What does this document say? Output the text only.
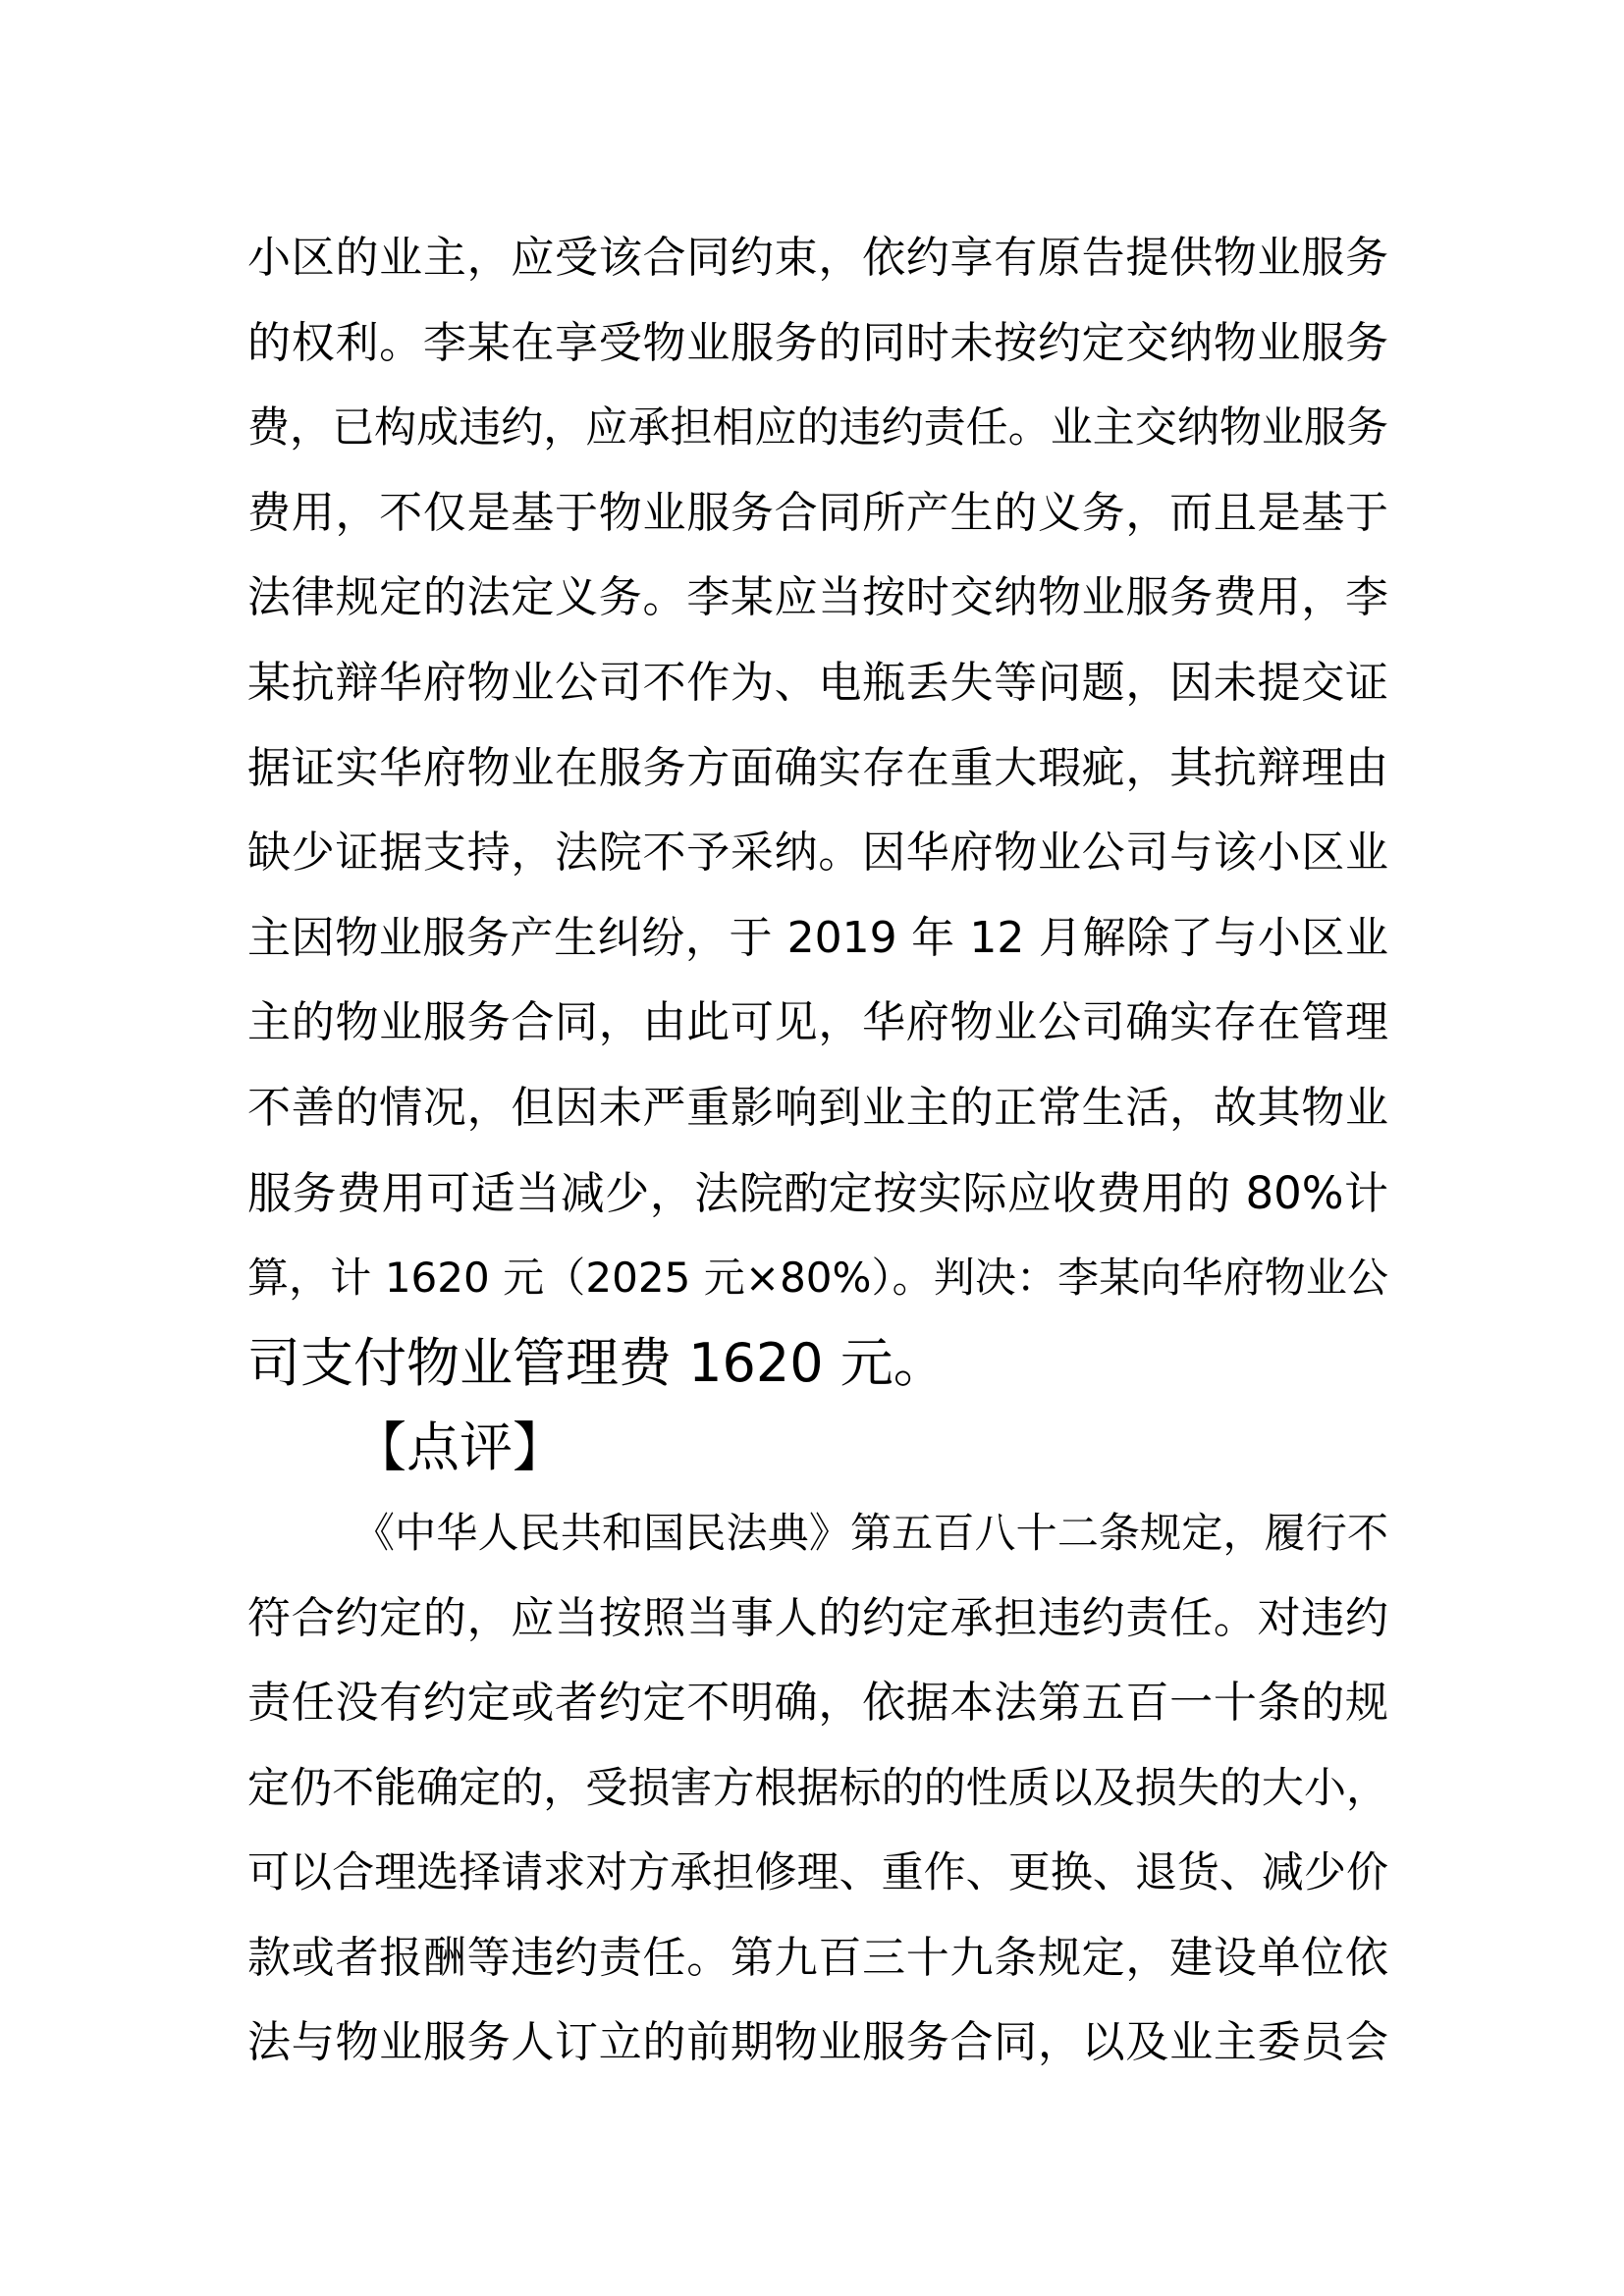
小区的业主，应受该合同约束，依约享有原告提供物业服务
的权利。李某在享受物业服务的同时未按约定交纳物业服务
费，已构成违约，应承担相应的违约责任。业主交纳物业服务
费用，不仅是基于物业服务合同所产生的义务，而且是基于
法律规定的法定义务。李某应当按时交纳物业服务费用，李
某抗辩华府物业公司不作为、电瓶丢失等问题，因未提交证
据证实华府物业在服务方面确实存在重大瑕疵，其抗辩理由
缺少证据支持，法院不予采纳。因华府物业公司与该小区业
主因物业服务产生纠纷，于 2019 年 12 月解除了与小区业
主的物业服务合同，由此可见，华府物业公司确实存在管理
不善的情况，但因未严重影响到业主的正常生活，故其物业
服务费用可适当减少，法院酌定按实际应收费用的 80%计
算，计 1620 元（2025 元×80%）。判决：李某向华府物业公
司支付物业管理费 1620 元。
【点评】
《中华人民共和国民法典》第五百八十二条规定，履行不
符合约定的，应当按照当事人的约定承担违约责任。对违约
责任没有约定或者约定不明确，依据本法第五百一十条的规
定仍不能确定的，受损害方根据标的的性质以及损失的大小，
可以合理选择请求对方承担修理、重作、更换、退货、减少价
款或者报酬等违约责任。第九百三十九条规定，建设单位依
法与物业服务人订立的前期物业服务合同，以及业主委员会
